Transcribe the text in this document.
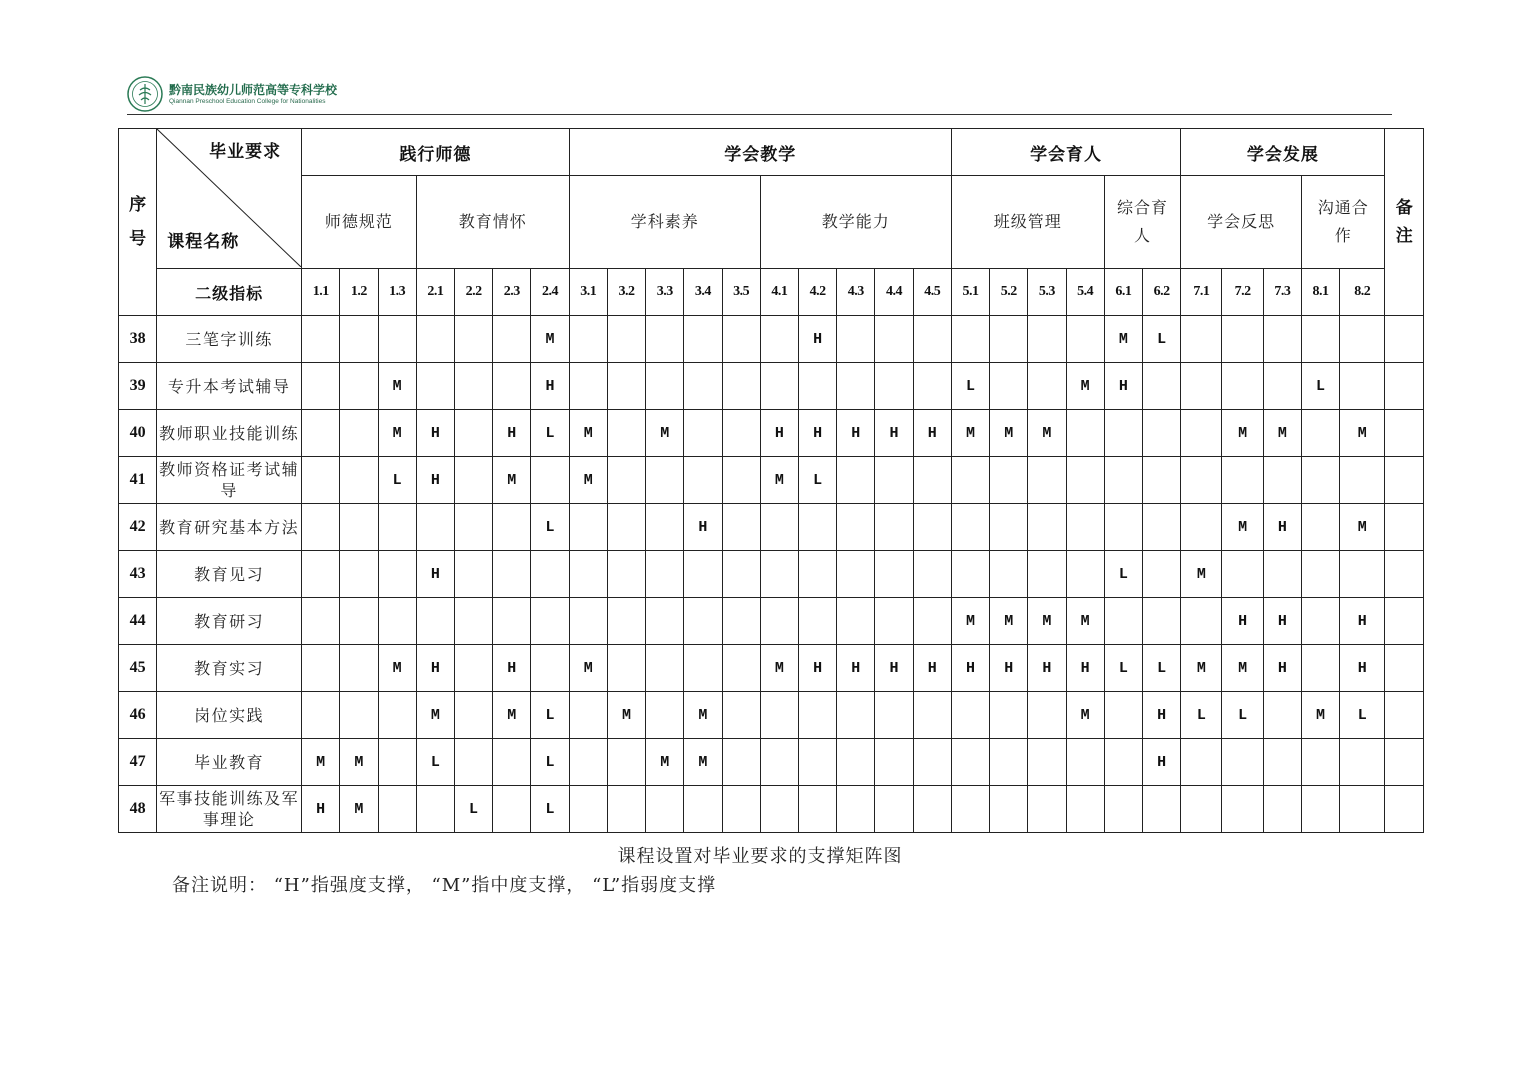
黔南民族幼儿师范高等专科学校
Qiannan Preschool Education College for Nationalities
序号	毕业要求
课程名称	践行师德							学会教学										学会育人						学会发展					备注

		师德规范			教育情怀				学科素养					教学能力					班级管理				综合育人		学会反思			沟通合作		
	二级指标	1.1	1.2	1.3	2.1	2.2	2.3	2.4	3.1	3.2	3.3	3.4	3.5	4.1	4.2	4.3	4.4	4.5	5.1	5.2	5.3	5.4	6.1	6.2	7.1	7.2	7.3	8.1	8.2	
38	三笔字训练							M							H								M	L						
39	专升本考试辅导			M				H											L			M	H					L		
40	教师职业技能训练			M	H		H	L	M		M			H	H	H	H	H	M	M	M					M	M		M	
41	教师资格证考试辅导			L	H		M		M					M	L															
42	教育研究基本方法							L				H														M	H		M	
43	教育见习				H																		L		M					
44	教育研习																		M	M	M	M				H	H		H	
45	教育实习			M	H		H		M					M	H	H	H	H	H	H	H	H	L	L	M	M	H		H	
46	岗位实践				M		M	L		M		M										M		H	L	L		M	L	
47	毕业教育	M	M		L			L			M	M												H						
48	军事技能训练及军事理论	H	M			L		L																						
课程设置对毕业要求的支撑矩阵图
备注说明： “H”指强度支撑， “M”指中度支撑， “L”指弱度支撑
